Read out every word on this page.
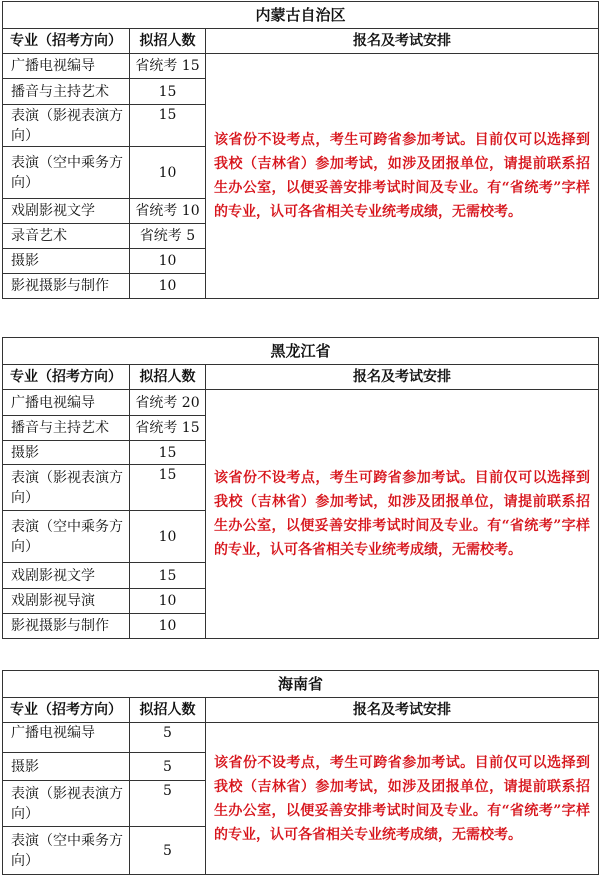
内蒙古自治区		
专业（招考方向）	拟招人数	报名及考试安排
广播电视编导	省统考 15	该省份不设考点，考生可跨省参加考试。目前仅可以选择到我校（吉林省）参加考试，如涉及团报单位，请提前联系招生办公室，以便妥善安排考试时间及专业。有“省统考”字样的专业，认可各省相关专业统考成绩，无需校考。
播音与主持艺术	15	
表演（影视表演方向）	15	
表演（空中乘务方向）	10	
戏剧影视文学	省统考 10	
录音艺术	省统考 5	
摄影	10	
影视摄影与制作	10	
黑龙江省		
专业（招考方向）	拟招人数	报名及考试安排
广播电视编导	省统考 20	该省份不设考点，考生可跨省参加考试。目前仅可以选择到我校（吉林省）参加考试，如涉及团报单位，请提前联系招生办公室，以便妥善安排考试时间及专业。有“省统考”字样的专业，认可各省相关专业统考成绩，无需校考。
播音与主持艺术	省统考 15	
摄影	15	
表演（影视表演方向）	15	
表演（空中乘务方向）	10	
戏剧影视文学	15	
戏剧影视导演	10	
影视摄影与制作	10	
海南省		
专业（招考方向）	拟招人数	报名及考试安排
广播电视编导	5	该省份不设考点，考生可跨省参加考试。目前仅可以选择到我校（吉林省）参加考试，如涉及团报单位，请提前联系招生办公室，以便妥善安排考试时间及专业。有“省统考”字样的专业，认可各省相关专业统考成绩，无需校考。
摄影	5	
表演（影视表演方向）	5	
表演（空中乘务方向）	5	
